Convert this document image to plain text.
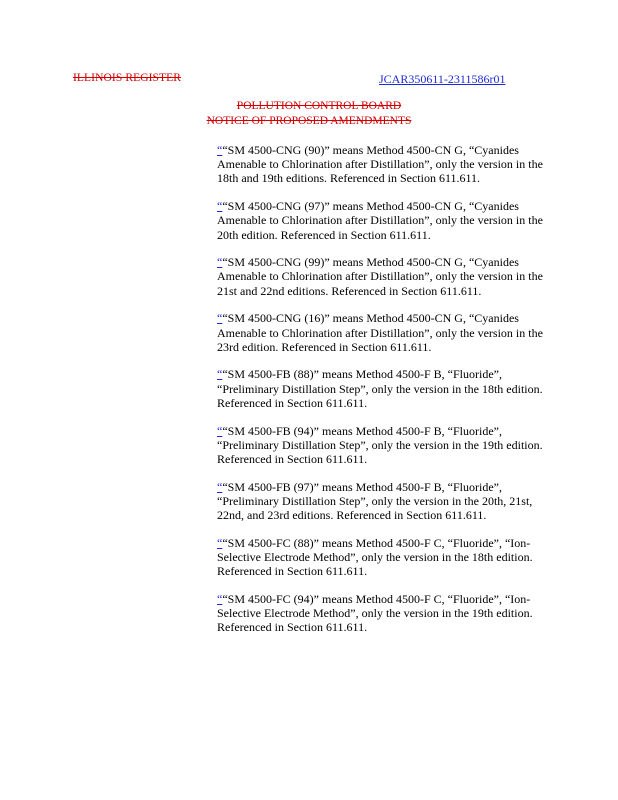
ILLINOIS REGISTER	JCAR350611-2311586r01
POLLUTION CONTROL BOARD
NOTICE OF PROPOSED AMENDMENTS

““SM 4500-CNG (90)” means Method 4500-CN G, “Cyanides Amenable to Chlorination after Distillation”, only the version in the 18th and 19th editions. Referenced in Section 611.611.

““SM 4500-CNG (97)” means Method 4500-CN G, “Cyanides Amenable to Chlorination after Distillation”, only the version in the 20th edition. Referenced in Section 611.611.

““SM 4500-CNG (99)” means Method 4500-CN G, “Cyanides Amenable to Chlorination after Distillation”, only the version in the 21st and 22nd editions. Referenced in Section 611.611.

““SM 4500-CNG (16)” means Method 4500-CN G, “Cyanides Amenable to Chlorination after Distillation”, only the version in the 23rd edition. Referenced in Section 611.611.

““SM 4500-FB (88)” means Method 4500-F B, “Fluoride”, “Preliminary Distillation Step”, only the version in the 18th edition. Referenced in Section 611.611.

““SM 4500-FB (94)” means Method 4500-F B, “Fluoride”, “Preliminary Distillation Step”, only the version in the 19th edition. Referenced in Section 611.611.

““SM 4500-FB (97)” means Method 4500-F B, “Fluoride”, “Preliminary Distillation Step”, only the version in the 20th, 21st, 22nd, and 23rd editions. Referenced in Section 611.611.

““SM 4500-FC (88)” means Method 4500-F C, “Fluoride”, “Ion-Selective Electrode Method”, only the version in the 18th edition. Referenced in Section 611.611.

““SM 4500-FC (94)” means Method 4500-F C, “Fluoride”, “Ion-Selective Electrode Method”, only the version in the 19th edition. Referenced in Section 611.611.
